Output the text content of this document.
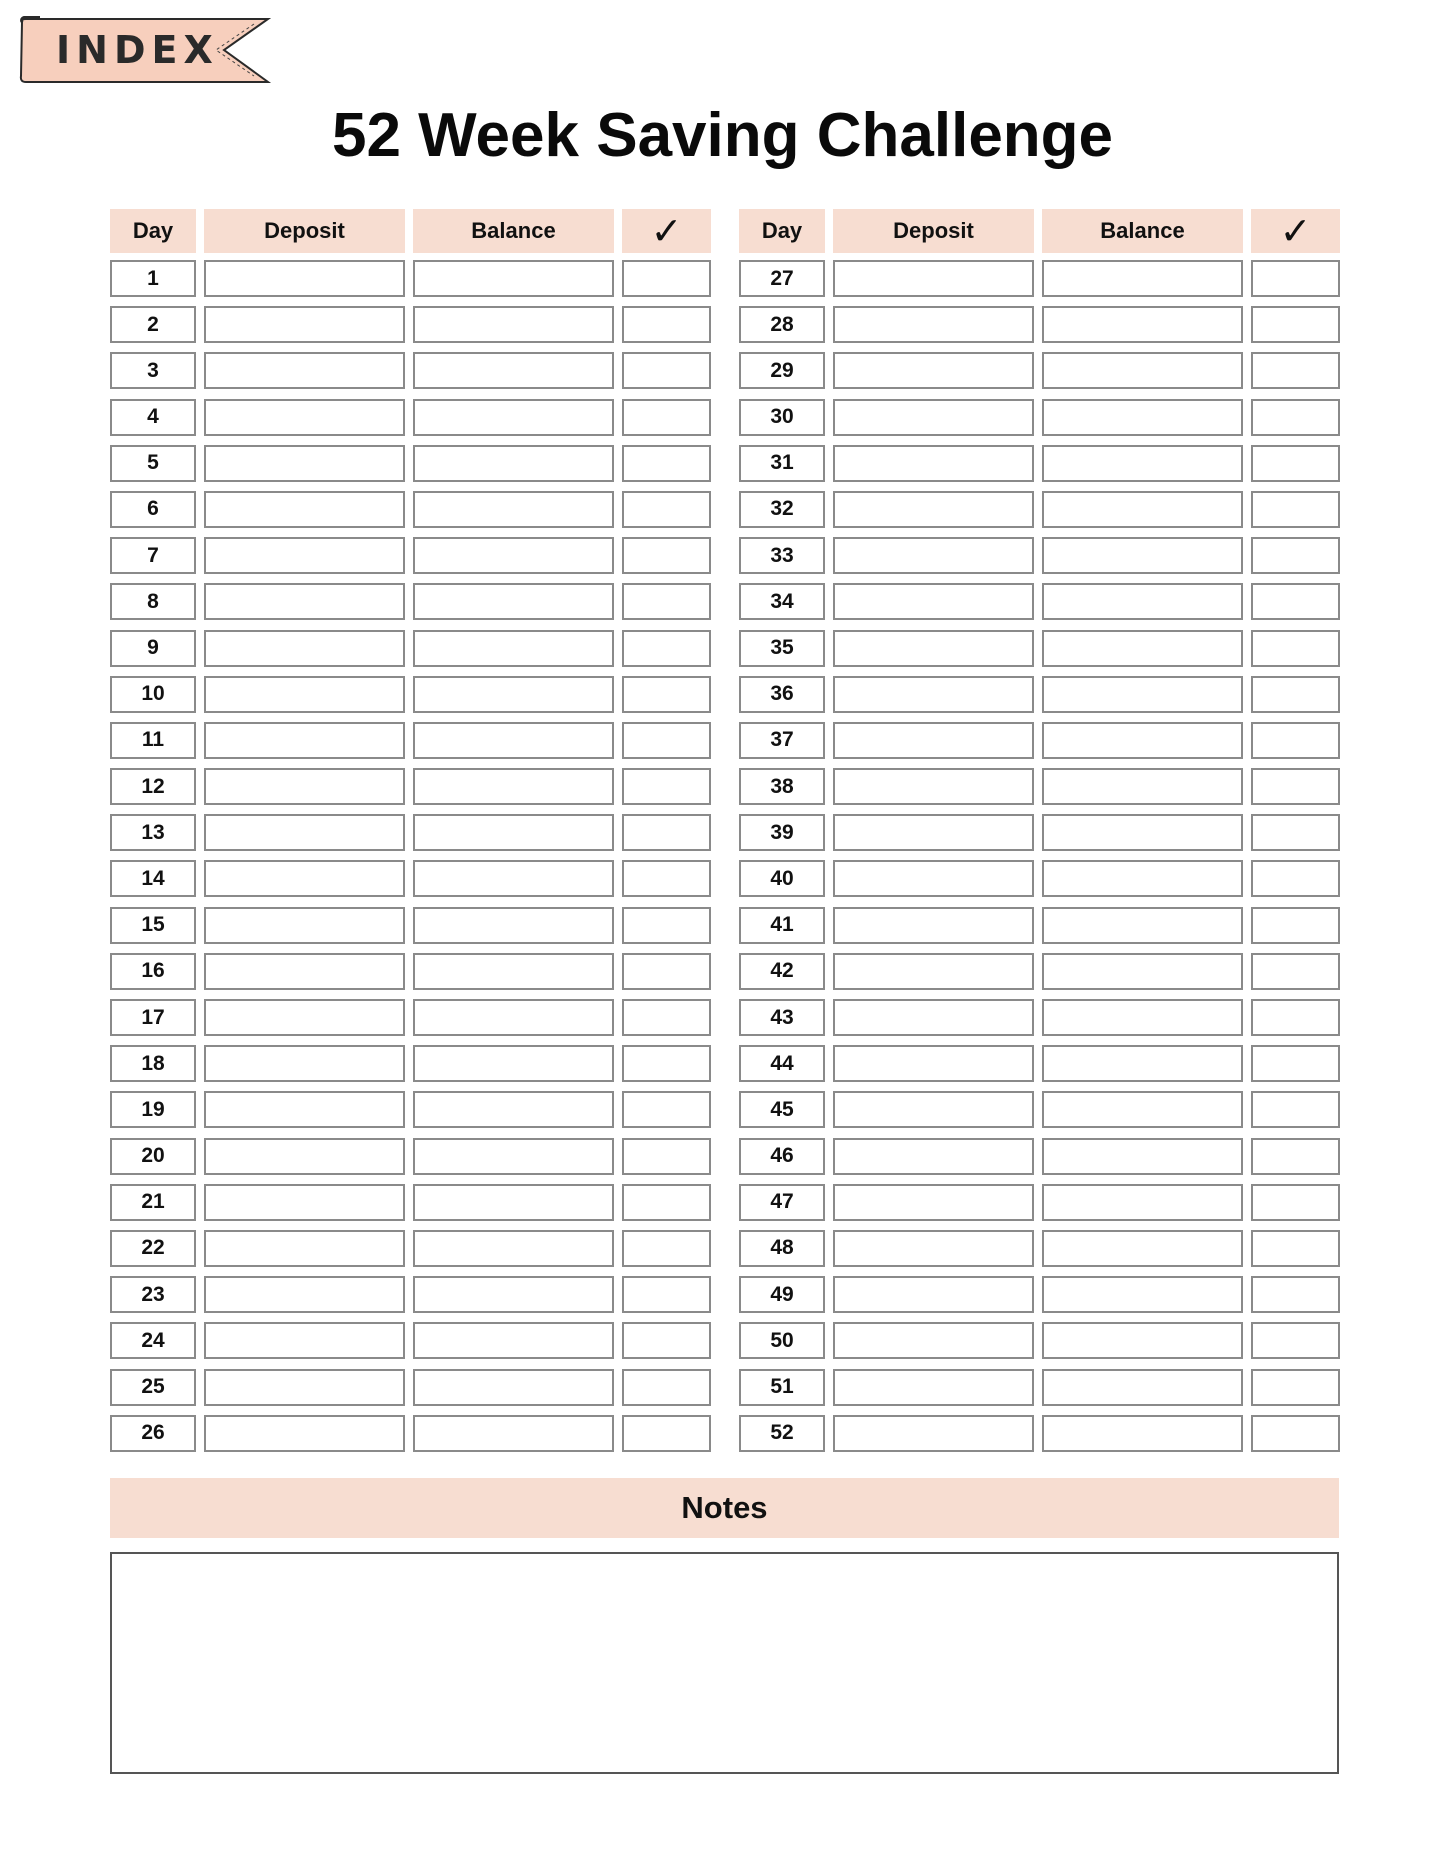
INDEX
52 Week Saving Challenge
Day	Deposit	Balance	✓
1
2
3
4
5
6
7
8
9
10
11
12
13
14
15
16
17
18
19
20
21
22
23
24
25
26
Day	Deposit	Balance	✓
27
28
29
30
31
32
33
34
35
36
37
38
39
40
41
42
43
44
45
46
47
48
49
50
51
52
Notes
